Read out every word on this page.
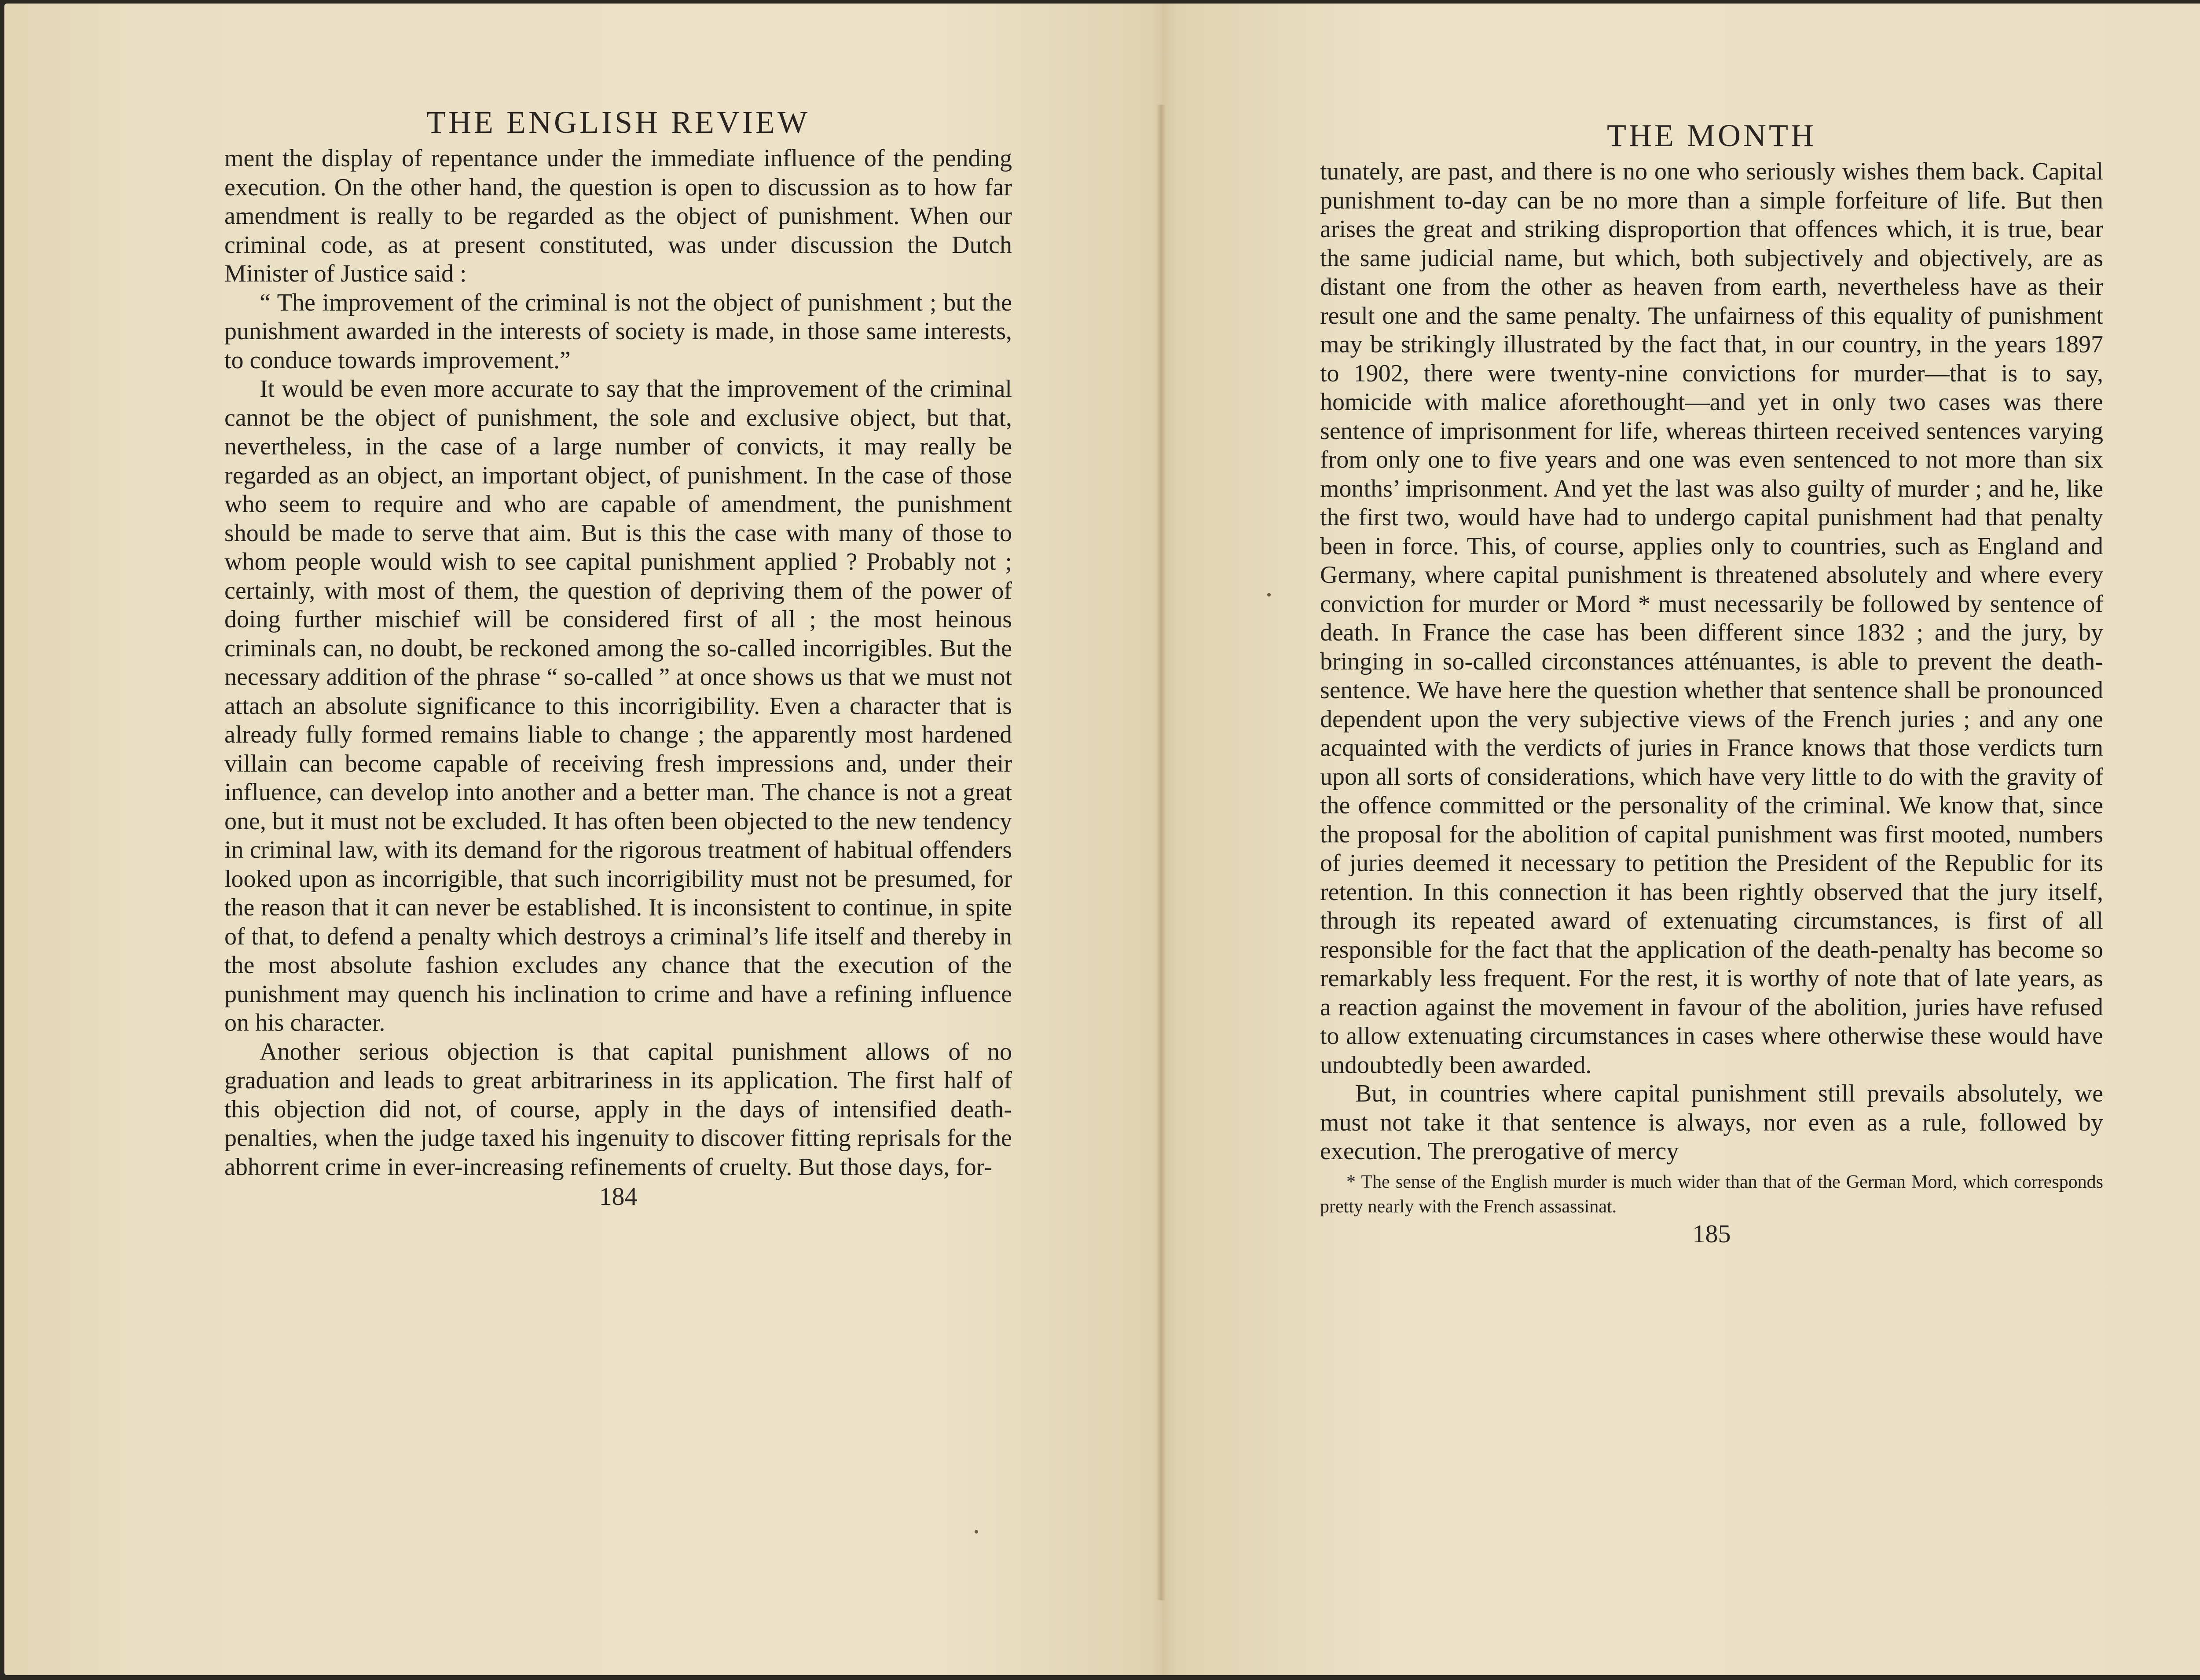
THE ENGLISH REVIEW

ment the display of repentance under the immediate influence of the pending execution. On the other hand, the question is open to discussion as to how far amendment is really to be regarded as the object of punishment. When our criminal code, as at present constituted, was under discussion the Dutch Minister of Justice said :

“ The improvement of the criminal is not the object of punishment ; but the punishment awarded in the interests of society is made, in those same interests, to conduce towards improvement.”

It would be even more accurate to say that the improvement of the criminal cannot be the object of punishment, the sole and exclusive object, but that, nevertheless, in the case of a large number of convicts, it may really be regarded as an object, an important object, of punishment. In the case of those who seem to require and who are capable of amendment, the punishment should be made to serve that aim. But is this the case with many of those to whom people would wish to see capital punishment applied ? Probably not ; certainly, with most of them, the question of depriving them of the power of doing further mischief will be considered first of all ; the most heinous criminals can, no doubt, be reckoned among the so-called incorrigibles. But the necessary addition of the phrase “ so-called ” at once shows us that we must not attach an absolute significance to this incorrigibility. Even a character that is already fully formed remains liable to change ; the apparently most hardened villain can become capable of receiving fresh impressions and, under their influence, can develop into another and a better man. The chance is not a great one, but it must not be excluded. It has often been objected to the new tendency in criminal law, with its demand for the rigorous treatment of habitual offenders looked upon as incorrigible, that such incorrigibility must not be presumed, for the reason that it can never be established. It is inconsistent to continue, in spite of that, to defend a penalty which destroys a criminal’s life itself and thereby in the most absolute fashion excludes any chance that the execution of the punishment may quench his inclination to crime and have a refining influence on his character.

Another serious objection is that capital punishment allows of no graduation and leads to great arbitrariness in its application. The first half of this objection did not, of course, apply in the days of intensified death-penalties, when the judge taxed his ingenuity to discover fitting reprisals for the abhorrent crime in ever-increasing refinements of cruelty. But those days, for-

184
THE MONTH

tunately, are past, and there is no one who seriously wishes them back. Capital punishment to-day can be no more than a simple forfeiture of life. But then arises the great and striking disproportion that offences which, it is true, bear the same judicial name, but which, both subjectively and objectively, are as distant one from the other as heaven from earth, nevertheless have as their result one and the same penalty. The unfairness of this equality of punishment may be strikingly illustrated by the fact that, in our country, in the years 1897 to 1902, there were twenty-nine convictions for murder—that is to say, homicide with malice aforethought—and yet in only two cases was there sentence of imprisonment for life, whereas thirteen received sentences varying from only one to five years and one was even sentenced to not more than six months’ imprisonment. And yet the last was also guilty of murder ; and he, like the first two, would have had to undergo capital punishment had that penalty been in force. This, of course, applies only to countries, such as England and Germany, where capital punishment is threatened absolutely and where every conviction for murder or Mord * must necessarily be followed by sentence of death. In France the case has been different since 1832 ; and the jury, by bringing in so-called circonstances atténuantes, is able to prevent the death-sentence. We have here the question whether that sentence shall be pronounced dependent upon the very subjective views of the French juries ; and any one acquainted with the verdicts of juries in France knows that those verdicts turn upon all sorts of considerations, which have very little to do with the gravity of the offence committed or the personality of the criminal. We know that, since the proposal for the abolition of capital punishment was first mooted, numbers of juries deemed it necessary to petition the President of the Republic for its retention. In this connection it has been rightly observed that the jury itself, through its repeated award of extenuating circumstances, is first of all responsible for the fact that the application of the death-penalty has become so remarkably less frequent. For the rest, it is worthy of note that of late years, as a reaction against the movement in favour of the abolition, juries have refused to allow extenuating circumstances in cases where otherwise these would have undoubtedly been awarded.

But, in countries where capital punishment still prevails absolutely, we must not take it that sentence is always, nor even as a rule, followed by execution. The prerogative of mercy

* The sense of the English murder is much wider than that of the German Mord, which corresponds pretty nearly with the French assassinat.
185
